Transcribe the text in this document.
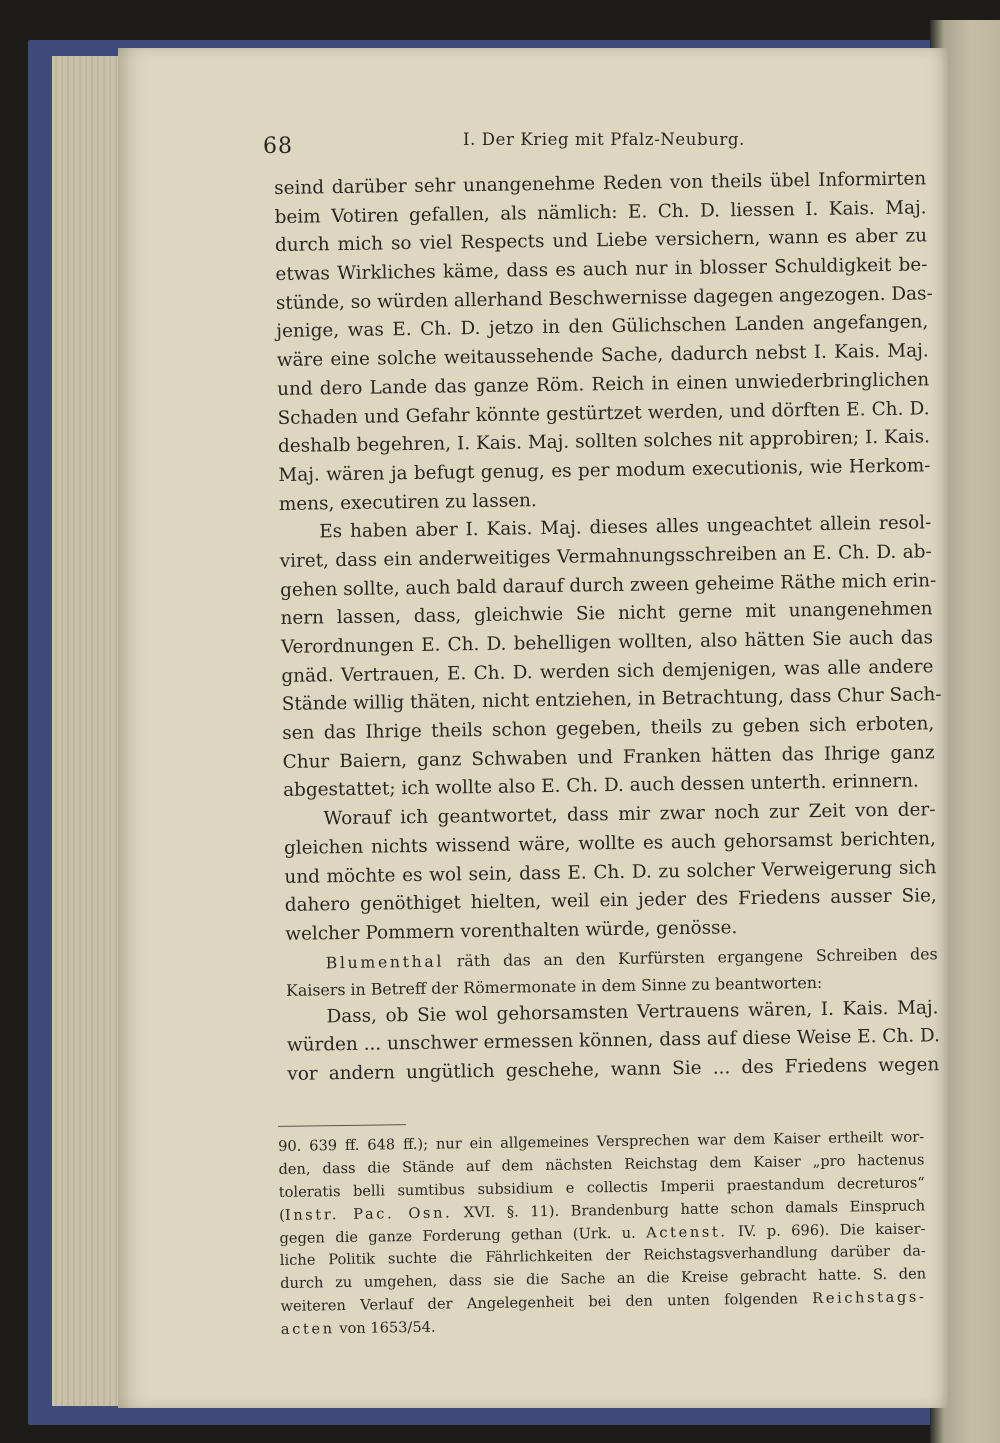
68	I. Der Krieg mit Pfalz-Neuburg.
seind darüber sehr unangenehme Reden von theils übel Informirten
beim Votiren gefallen, als nämlich: E. Ch. D. liessen I. Kais. Maj.
durch mich so viel Respects und Liebe versichern, wann es aber zu
etwas Wirkliches käme, dass es auch nur in blosser Schuldigkeit be-
stünde, so würden allerhand Beschwernisse dagegen angezogen. Das-
jenige, was E. Ch. D. jetzo in den Gülichschen Landen angefangen,
wäre eine solche weitaussehende Sache, dadurch nebst I. Kais. Maj.
und dero Lande das ganze Röm. Reich in einen unwiederbringlichen
Schaden und Gefahr könnte gestürtzet werden, und dörften E. Ch. D.
deshalb begehren, I. Kais. Maj. sollten solches nit approbiren; I. Kais.
Maj. wären ja befugt genug, es per modum executionis, wie Herkom-
mens, executiren zu lassen.
Es haben aber I. Kais. Maj. dieses alles ungeachtet allein resol-
viret, dass ein anderweitiges Vermahnungsschreiben an E. Ch. D. ab-
gehen sollte, auch bald darauf durch zween geheime Räthe mich erin-
nern lassen, dass, gleichwie Sie nicht gerne mit unangenehmen
Verordnungen E. Ch. D. behelligen wollten, also hätten Sie auch das
gnäd. Vertrauen, E. Ch. D. werden sich demjenigen, was alle andere
Stände willig thäten, nicht entziehen, in Betrachtung, dass Chur Sach-
sen das Ihrige theils schon gegeben, theils zu geben sich erboten,
Chur Baiern, ganz Schwaben und Franken hätten das Ihrige ganz
abgestattet; ich wollte also E. Ch. D. auch dessen unterth. erinnern.
Worauf ich geantwortet, dass mir zwar noch zur Zeit von der-
gleichen nichts wissend wäre, wollte es auch gehorsamst berichten,
und möchte es wol sein, dass E. Ch. D. zu solcher Verweigerung sich
dahero genöthiget hielten, weil ein jeder des Friedens ausser Sie,
welcher Pommern vorenthalten würde, genösse.
Blumenthal räth das an den Kurfürsten ergangene Schreiben des
Kaisers in Betreff der Römermonate in dem Sinne zu beantworten:
Dass, ob Sie wol gehorsamsten Vertrauens wären, I. Kais. Maj.
würden ... unschwer ermessen können, dass auf diese Weise E. Ch. D.
vor andern ungütlich geschehe, wann Sie ... des Friedens wegen
90. 639 ff. 648 ff.); nur ein allgemeines Versprechen war dem Kaiser ertheilt wor-
den, dass die Stände auf dem nächsten Reichstag dem Kaiser „pro hactenus
toleratis belli sumtibus subsidium e collectis Imperii praestandum decreturos“
(Instr. Pac. Osn. XVI. §. 11). Brandenburg hatte schon damals Einspruch
gegen die ganze Forderung gethan (Urk. u. Actenst. IV. p. 696). Die kaiser-
liche Politik suchte die Fährlichkeiten der Reichstagsverhandlung darüber da-
durch zu umgehen, dass sie die Sache an die Kreise gebracht hatte. S. den
weiteren Verlauf der Angelegenheit bei den unten folgenden Reichstags-
acten von 1653/54.
